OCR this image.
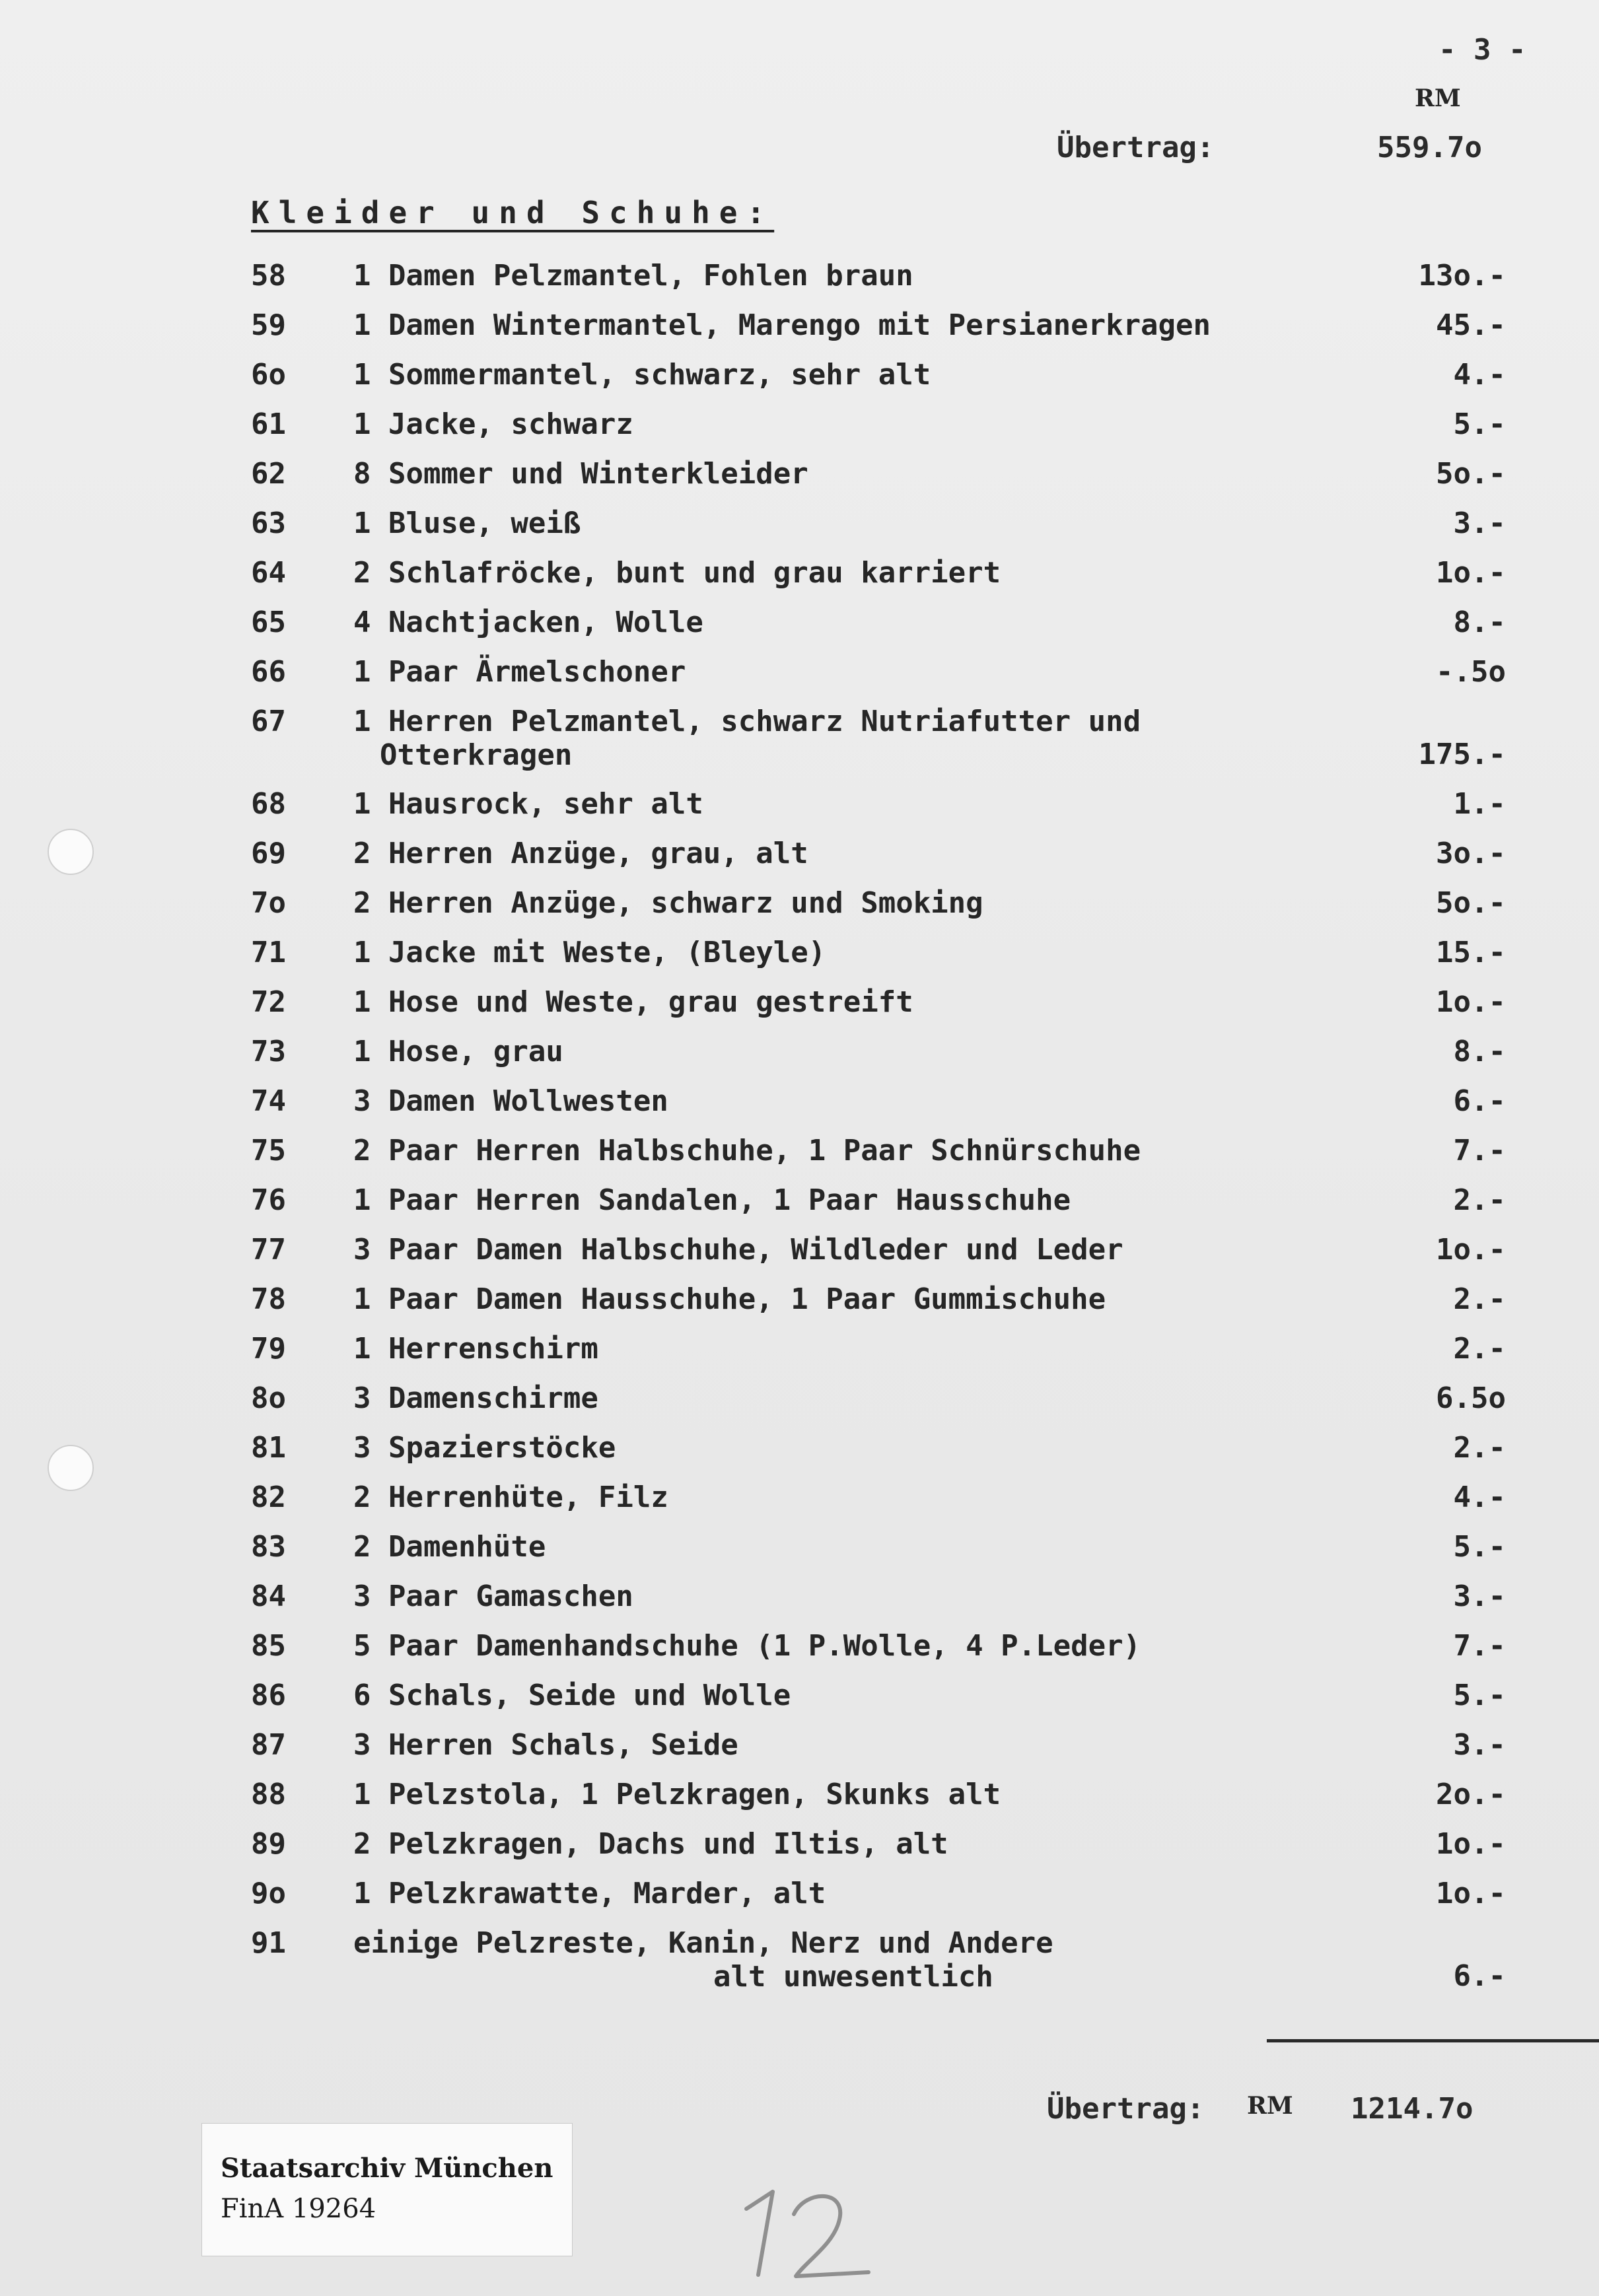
- 3 -
RM
Übertrag:	559.7o
Kleider und Schuhe:
58 1 Damen Pelzmantel, Fohlen braun	13o.-
59 1 Damen Wintermantel, Marengo mit Persianerkragen	45.-
6o 1 Sommermantel, schwarz, sehr alt	4.-
61 1 Jacke, schwarz	5.-
62 8 Sommer und Winterkleider	5o.-
63 1 Bluse, weiß	3.-
64 2 Schlafröcke, bunt und grau karriert	1o.-
65 4 Nachtjacken, Wolle	8.-
66 1 Paar Ärmelschoner	-.5o
67 1 Herren Pelzmantel, schwarz Nutriafutter und
Otterkragen	175.-
68 1 Hausrock, sehr alt	1.-
69 2 Herren Anzüge, grau, alt	3o.-
7o 2 Herren Anzüge, schwarz und Smoking	5o.-
71 1 Jacke mit Weste, (Bleyle)	15.-
72 1 Hose und Weste, grau gestreift	1o.-
73 1 Hose, grau	8.-
74 3 Damen Wollwesten	6.-
75 2 Paar Herren Halbschuhe, 1 Paar Schnürschuhe	7.-
76 1 Paar Herren Sandalen, 1 Paar Hausschuhe	2.-
77 3 Paar Damen Halbschuhe, Wildleder und Leder	1o.-
78 1 Paar Damen Hausschuhe, 1 Paar Gummischuhe	2.-
79 1 Herrenschirm	2.-
8o 3 Damenschirme	6.5o
81 3 Spazierstöcke	2.-
82 2 Herrenhüte, Filz	4.-
83 2 Damenhüte	5.-
84 3 Paar Gamaschen	3.-
85 5 Paar Damenhandschuhe (1 P.Wolle, 4 P.Leder)	7.-
86 6 Schals, Seide und Wolle	5.-
87 3 Herren Schals, Seide	3.-
88 1 Pelzstola, 1 Pelzkragen, Skunks alt	2o.-
89 2 Pelzkragen, Dachs und Iltis, alt	1o.-
9o 1 Pelzkrawatte, Marder, alt	1o.-
91 einige Pelzreste, Kanin, Nerz und Andere
alt unwesentlich	6.-
Übertrag: RM 1214.7o
Staatsarchiv München
FinA 19264
